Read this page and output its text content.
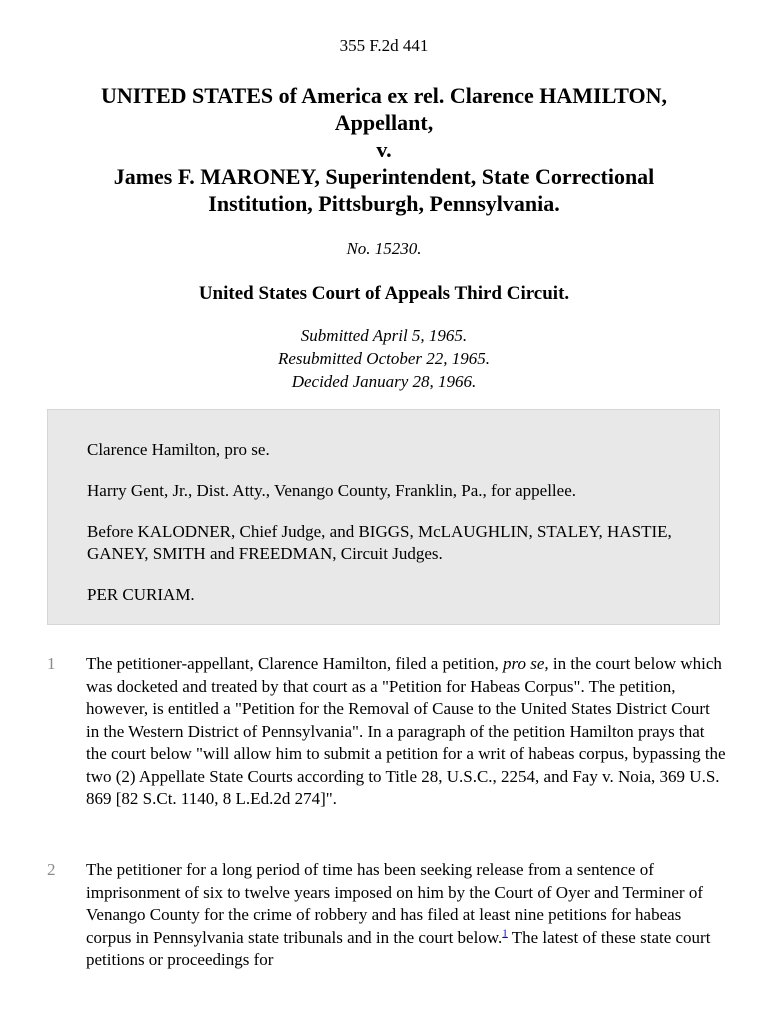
355 F.2d 441
UNITED STATES of America ex rel. Clarence HAMILTON,
Appellant,
v.
James F. MARONEY, Superintendent, State Correctional
Institution, Pittsburgh, Pennsylvania.
No. 15230.
United States Court of Appeals Third Circuit.
Submitted April 5, 1965.
Resubmitted October 22, 1965.
Decided January 28, 1966.
Clarence Hamilton, pro se.
Harry Gent, Jr., Dist. Atty., Venango County, Franklin, Pa., for appellee.
Before KALODNER, Chief Judge, and BIGGS, McLAUGHLIN, STALEY, HASTIE, GANEY, SMITH and FREEDMAN, Circuit Judges.
PER CURIAM.
1 The petitioner-appellant, Clarence Hamilton, filed a petition, pro se, in the court below which was docketed and treated by that court as a "Petition for Habeas Corpus". The petition, however, is entitled a "Petition for the Removal of Cause to the United States District Court in the Western District of Pennsylvania". In a paragraph of the petition Hamilton prays that the court below "will allow him to submit a petition for a writ of habeas corpus, bypassing the two (2) Appellate State Courts according to Title 28, U.S.C., 2254, and Fay v. Noia, 369 U.S. 869 [82 S.Ct. 1140, 8 L.Ed.2d 274]".
2 The petitioner for a long period of time has been seeking release from a sentence of imprisonment of six to twelve years imposed on him by the Court of Oyer and Terminer of Venango County for the crime of robbery and has filed at least nine petitions for habeas corpus in Pennsylvania state tribunals and in the court below.$^1$ The latest of these state court petitions or proceedings for
